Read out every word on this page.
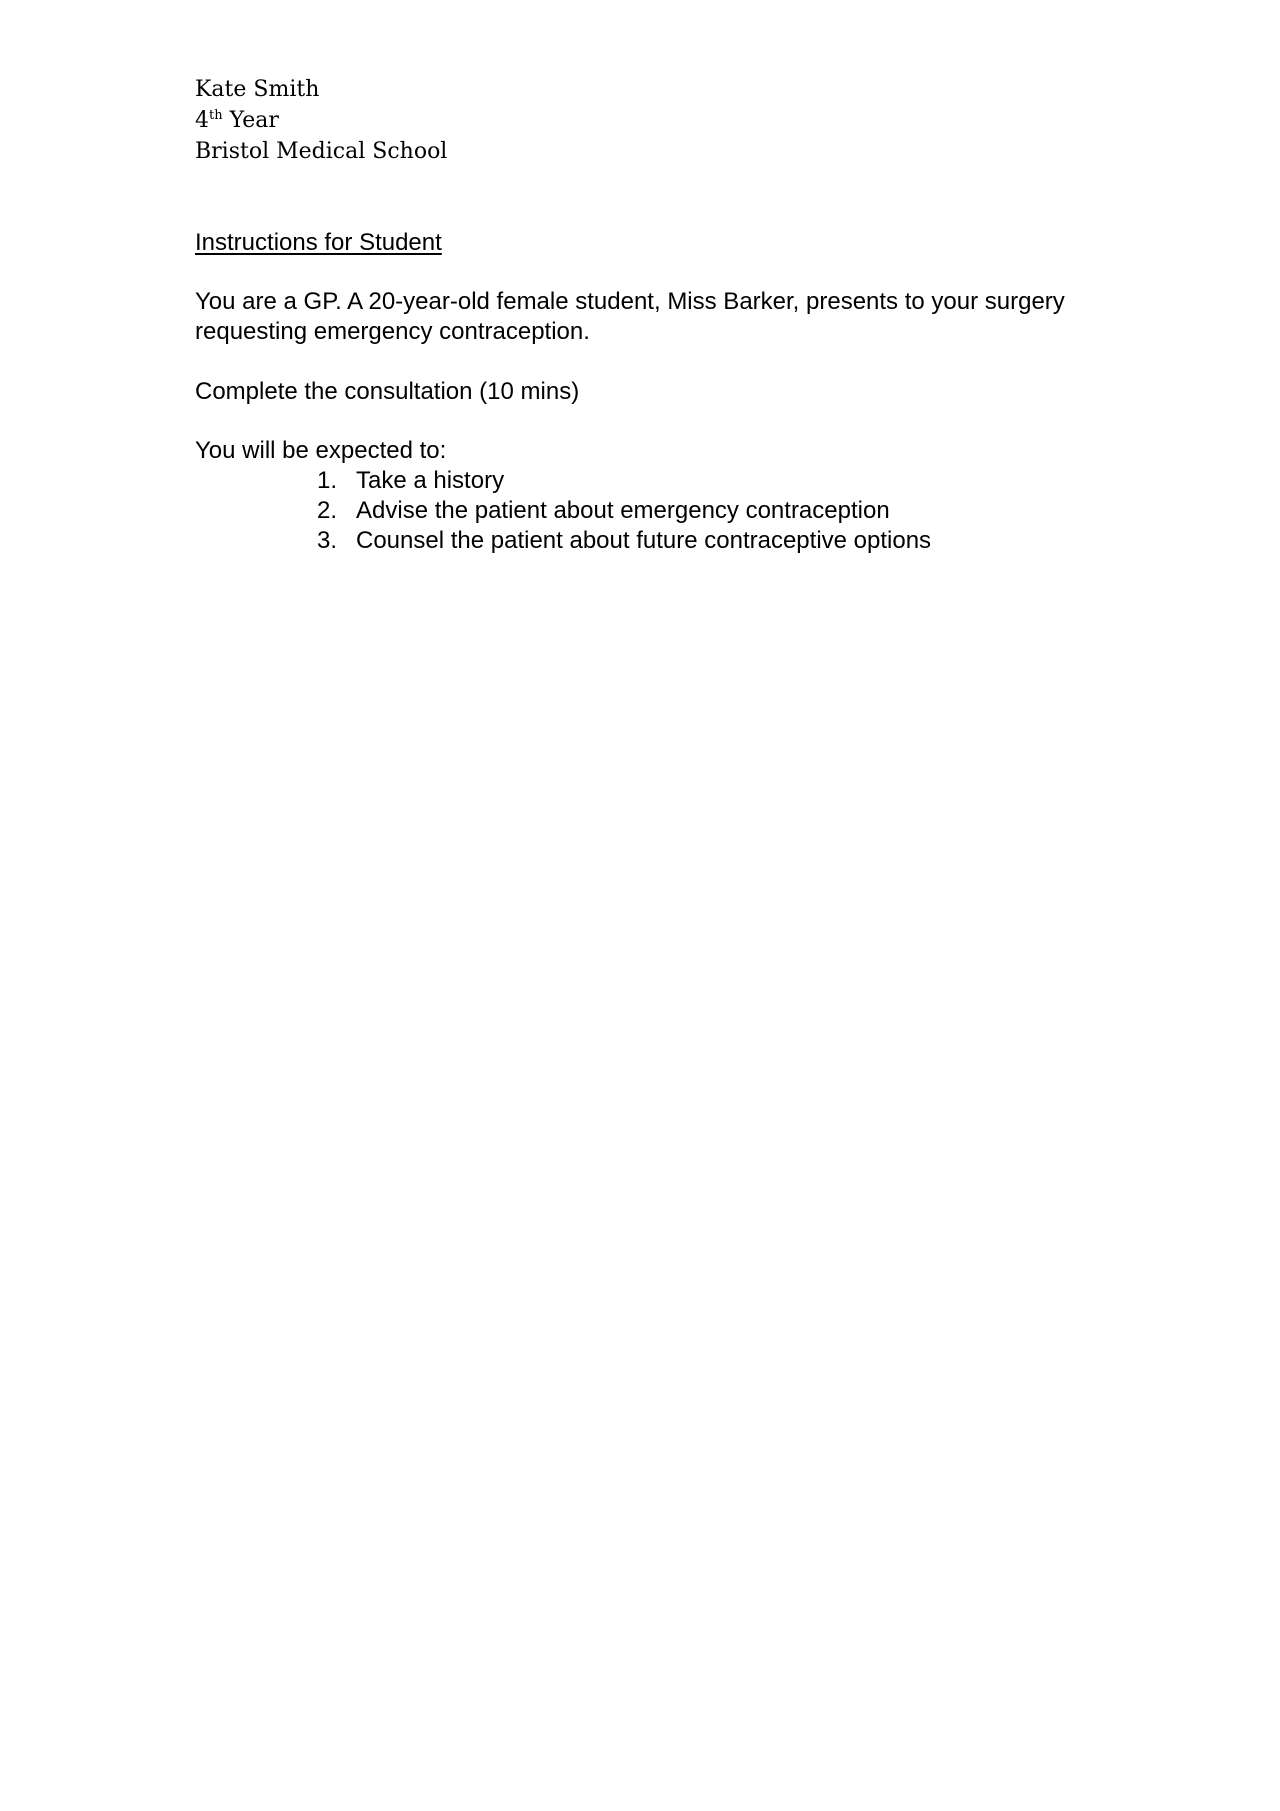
Kate Smith
4th Year
Bristol Medical School
Instructions for Student

You are a GP. A 20-year-old female student, Miss Barker, presents to your surgery requesting emergency contraception.

Complete the consultation (10 mins)
You will be expected to:
1. Take a history
2. Advise the patient about emergency contraception
3. Counsel the patient about future contraceptive options
